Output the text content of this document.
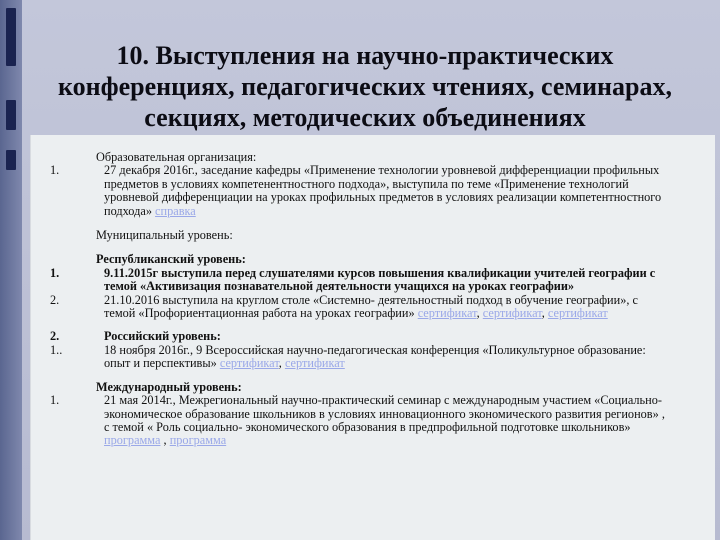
10. Выступления на научно-практических
конференциях, педагогических чтениях, семинарах,
секциях, методических объединениях

Образовательная организация:

1.	27 декабря 2016г., заседание кафедры «Применение технологии уровневой дифференциации профильных предметов в условиях компетенентностного подхода», выступила по теме «Применение технологий уровневой дифференциации на уроках профильных предметов в условиях реализации компетентностного подхода» справка

Муниципальный уровень:

Республиканский уровень:

1.	9.11.2015г выступила перед слушателями курсов повышения квалификации учителей географии с темой «Активизация познавательной деятельности учащихся на уроках географии»

2.	21.10.2016 выступила на круглом столе «Системно- деятельностный подход в обучение географии», с темой «Профориентационная работа на уроках географии» сертификат, сертификат, сертификат

2.	Российский уровень:

1..	18 ноября 2016г., 9 Всероссийская научно-педагогическая конференция «Поликультурное образование: опыт и перспективы» сертификат, сертификат

Международный уровень:

1.	21 мая 2014г., Межрегиональный научно-практический семинар с международным участием «Социально- экономическое образование школьников в условиях инновационного экономического развития регионов» , с темой « Роль социально- экономического образования в предпрофильной подготовке школьников» программа , программа
